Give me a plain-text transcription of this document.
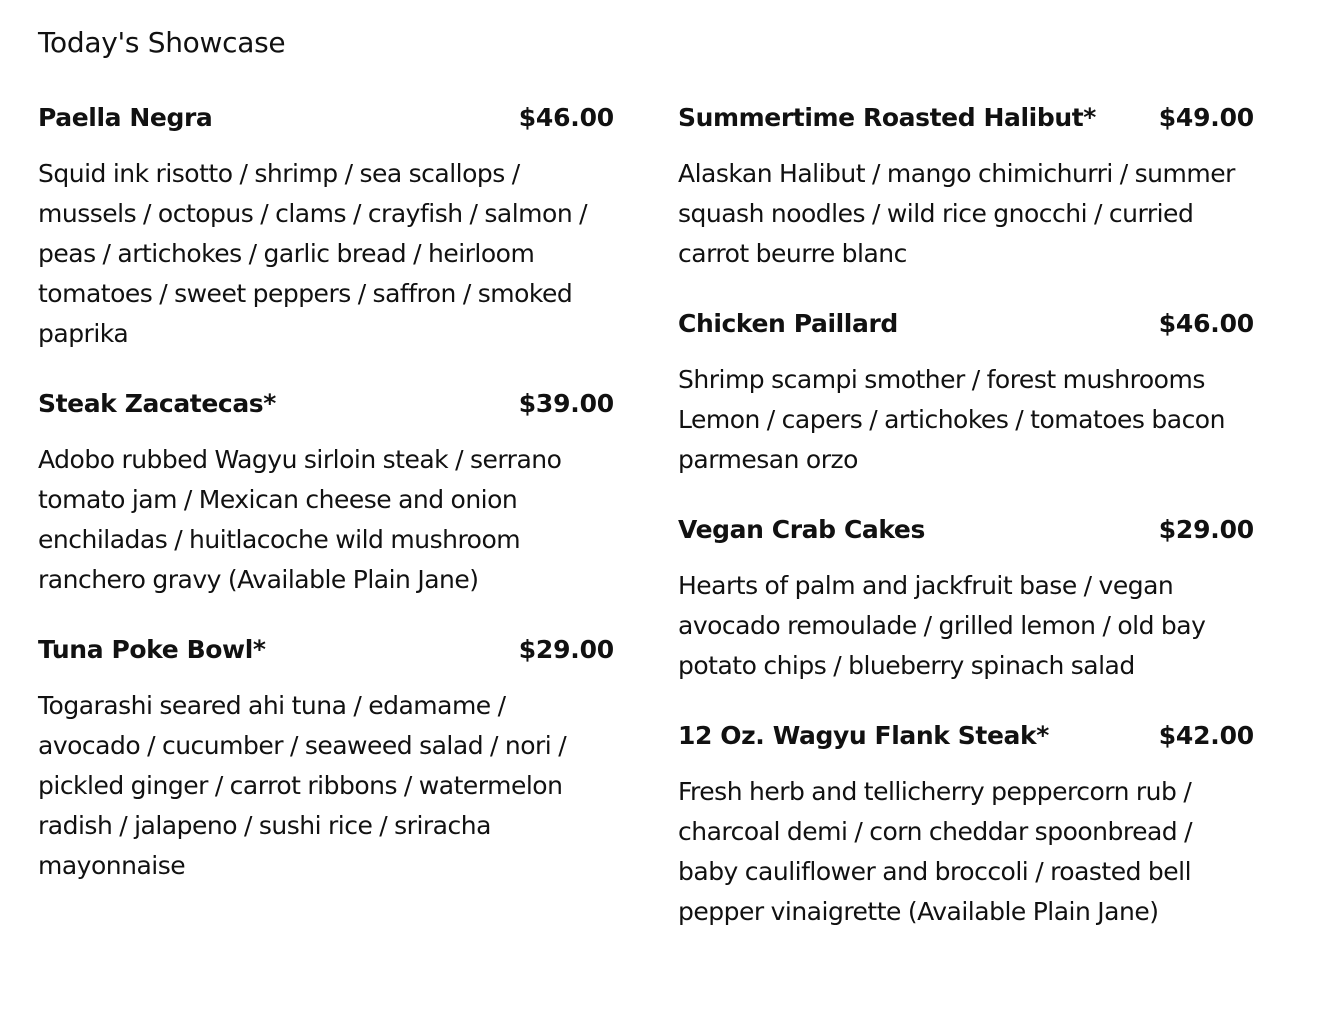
Today's Showcase
Paella Negra	$46.00

Squid ink risotto / shrimp / sea scallops / mussels / octopus / clams / crayfish / salmon / peas / artichokes / garlic bread / heirloom tomatoes / sweet peppers / saffron / smoked paprika

Steak Zacatecas*	$39.00

Adobo rubbed Wagyu sirloin steak / serrano tomato jam / Mexican cheese and onion enchiladas / huitlacoche wild mushroom ranchero gravy (Available Plain Jane)

Tuna Poke Bowl*	$29.00

Togarashi seared ahi tuna / edamame / avocado / cucumber / seaweed salad / nori / pickled ginger / carrot ribbons / watermelon radish / jalapeno / sushi rice / sriracha mayonnaise

Summertime Roasted Halibut*	$49.00

Alaskan Halibut / mango chimichurri / summer squash noodles / wild rice gnocchi / curried carrot beurre blanc

Chicken Paillard	$46.00

Shrimp scampi smother / forest mushrooms Lemon / capers / artichokes / tomatoes bacon parmesan orzo

Vegan Crab Cakes	$29.00

Hearts of palm and jackfruit base / vegan avocado remoulade / grilled lemon / old bay potato chips / blueberry spinach salad

12 Oz. Wagyu Flank Steak*	$42.00

Fresh herb and tellicherry peppercorn rub / charcoal demi / corn cheddar spoonbread / baby cauliflower and broccoli / roasted bell pepper vinaigrette (Available Plain Jane)
